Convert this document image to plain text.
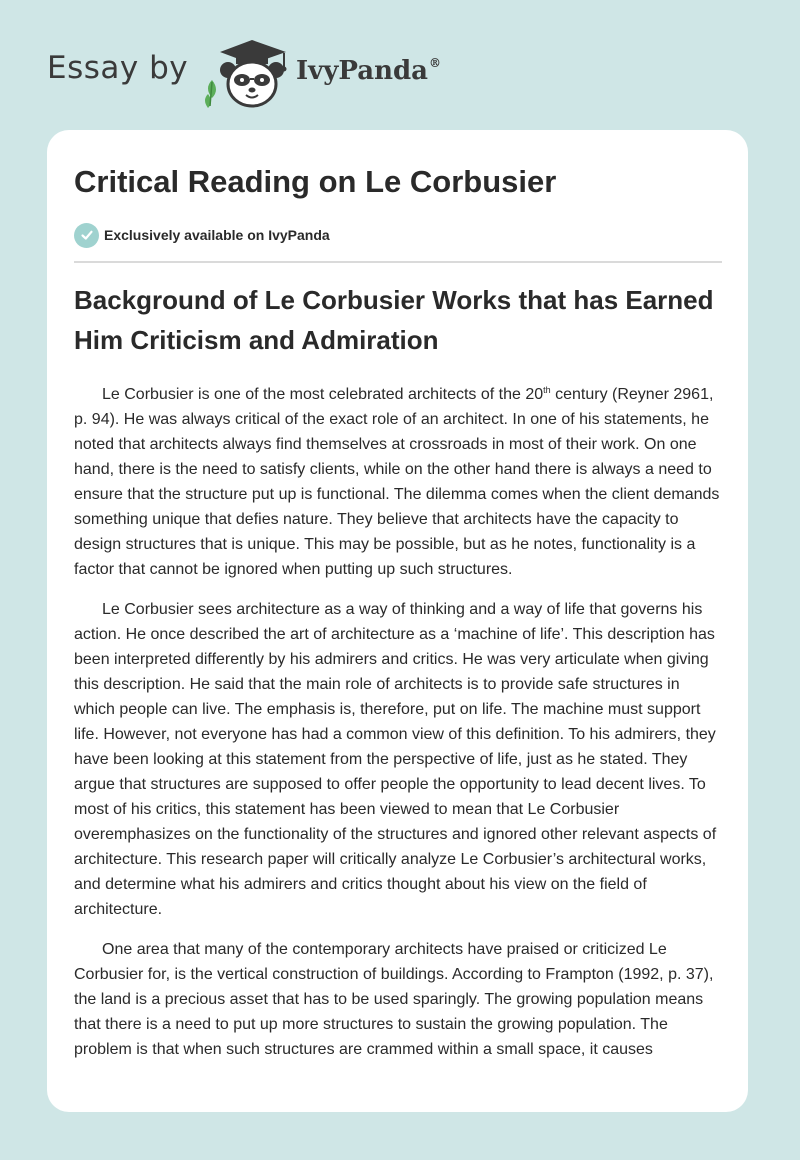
Essay by	IvyPanda®
Critical Reading on Le Corbusier
Exclusively available on IvyPanda
Background of Le Corbusier Works that has Earned Him Criticism and Admiration

Le Corbusier is one of the most celebrated architects of the 20th century (Reyner 2961, p. 94). He was always critical of the exact role of an architect. In one of his statements, he noted that architects always find themselves at crossroads in most of their work. On one hand, there is the need to satisfy clients, while on the other hand there is always a need to ensure that the structure put up is functional. The dilemma comes when the client demands something unique that defies nature. They believe that architects have the capacity to design structures that is unique. This may be possible, but as he notes, functionality is a factor that cannot be ignored when putting up such structures.

Le Corbusier sees architecture as a way of thinking and a way of life that governs his action. He once described the art of architecture as a ‘machine of life’. This description has been interpreted differently by his admirers and critics. He was very articulate when giving this description. He said that the main role of architects is to provide safe structures in which people can live. The emphasis is, therefore, put on life. The machine must support life. However, not everyone has had a common view of this definition. To his admirers, they have been looking at this statement from the perspective of life, just as he stated. They argue that structures are supposed to offer people the opportunity to lead decent lives. To most of his critics, this statement has been viewed to mean that Le Corbusier overemphasizes on the functionality of the structures and ignored other relevant aspects of architecture. This research paper will critically analyze Le Corbusier’s architectural works, and determine what his admirers and critics thought about his view on the field of architecture.

One area that many of the contemporary architects have praised or criticized Le Corbusier for, is the vertical construction of buildings. According to Frampton (1992, p. 37), the land is a precious asset that has to be used sparingly. The growing population means that there is a need to put up more structures to sustain the growing population. The problem is that when such structures are crammed within a small space, it causes
